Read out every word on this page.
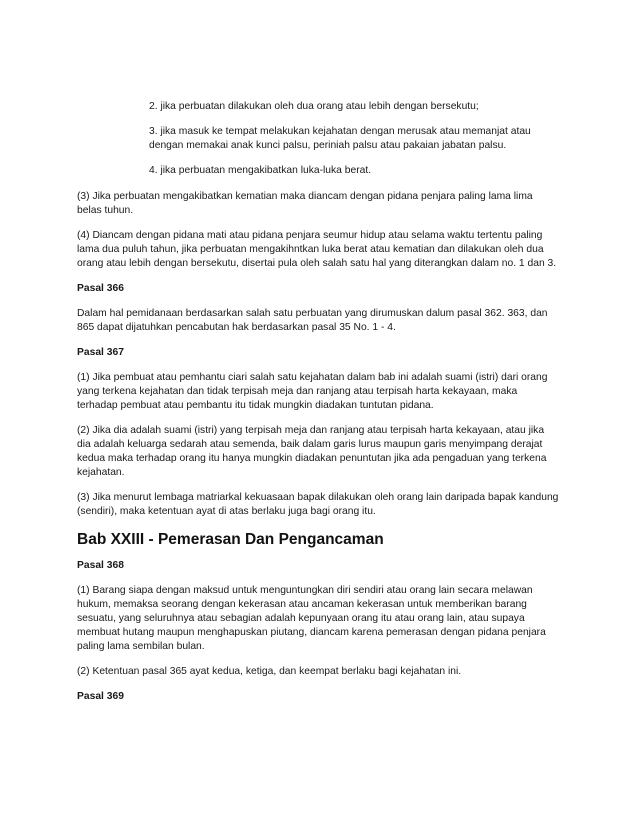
2. jika perbuatan dilakukan oleh dua orang atau lebih dengan bersekutu;

3. jika masuk ke tempat melakukan kejahatan dengan merusak atau memanjat atau
dengan memakai anak kunci palsu, periniah palsu atau pakaian jabatan palsu.

4. jika perbuatan mengakibatkan luka-luka berat.

(3) Jika perbuatan mengakibatkan kematian maka diancam dengan pidana penjara paling lama lima
belas tuhun.

(4) Diancam dengan pidana mati atau pidana penjara seumur hidup atau selama waktu tertentu paling
lama dua puluh tahun, jika perbuatan mengakihntkan luka berat atau kematian dan dilakukan oleh dua
orang atau lebih dengan bersekutu, disertai pula oleh salah satu hal yang diterangkan dalam no. 1 dan 3.

Pasal 366

Dalam hal pemidanaan berdasarkan salah satu perbuatan yang dirumuskan dalum pasal 362. 363, dan
865 dapat dijatuhkan pencabutan hak berdasarkan pasal 35 No. 1 - 4.

Pasal 367

(1) Jika pembuat atau pemhantu ciari salah satu kejahatan dalam bab ini adalah suami (istri) dari orang
yang terkena kejahatan dan tidak terpisah meja dan ranjang atau terpisah harta kekayaan, maka
terhadap pembuat atau pembantu itu tidak mungkin diadakan tuntutan pidana.

(2) Jika dia adalah suami (istri) yang terpisah meja dan ranjang atau terpisah harta kekayaan, atau jika
dia adalah keluarga sedarah atau semenda, baik dalam garis lurus maupun garis menyimpang derajat
kedua maka terhadap orang itu hanya mungkin diadakan penuntutan jika ada pengaduan yang terkena
kejahatan.

(3) Jika menurut lembaga matriarkal kekuasaan bapak dilakukan oleh orang lain daripada bapak kandung
(sendiri), maka ketentuan ayat di atas berlaku juga bagi orang itu.

Bab XXIII - Pemerasan Dan Pengancaman

Pasal 368

(1) Barang siapa dengan maksud untuk menguntungkan diri sendiri atau orang lain secara melawan
hukum, memaksa seorang dengan kekerasan atau ancaman kekerasan untuk memberikan barang
sesuatu, yang seluruhnya atau sebagian adalah kepunyaan orang itu atau orang lain, atau supaya
membuat hutang maupun menghapuskan piutang, diancam karena pemerasan dengan pidana penjara
paling lama sembilan bulan.

(2) Ketentuan pasal 365 ayat kedua, ketiga, dan keempat berlaku bagi kejahatan ini.

Pasal 369
